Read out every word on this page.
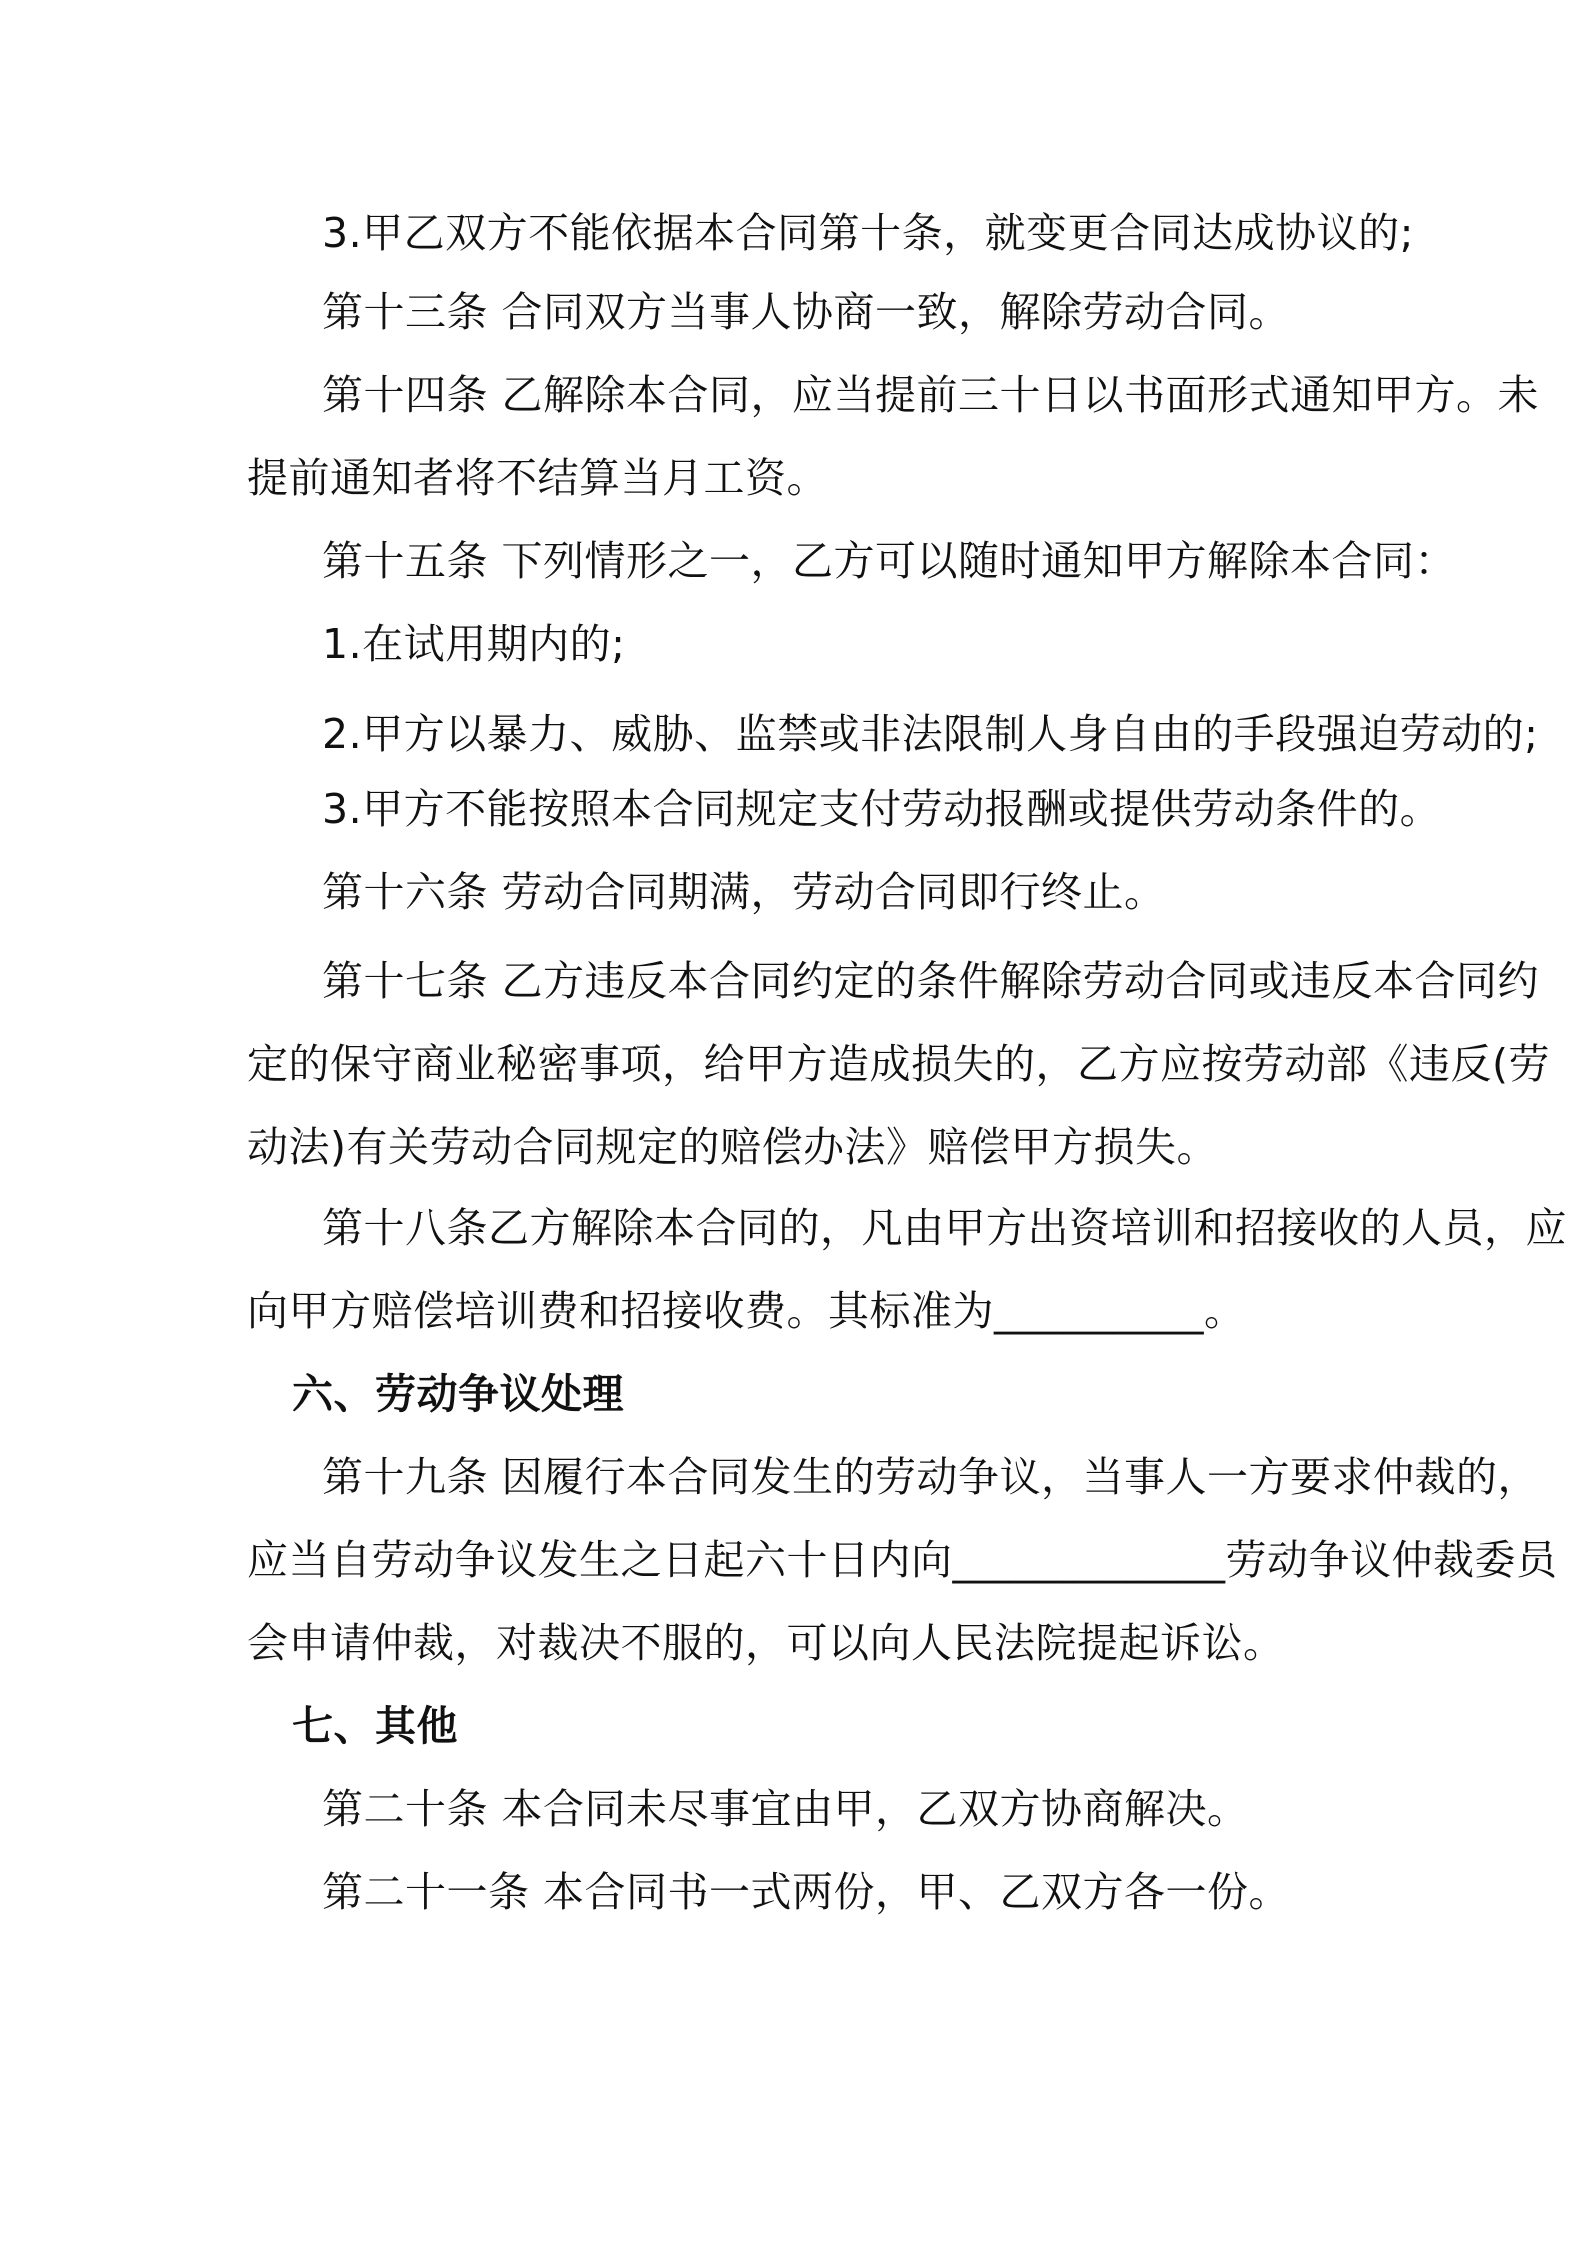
3.甲乙双方不能依据本合同第十条，就变更合同达成协议的;
第十三条 合同双方当事人协商一致，解除劳动合同。
第十四条 乙解除本合同，应当提前三十日以书面形式通知甲方。未
提前通知者将不结算当月工资。
第十五条 下列情形之一，乙方可以随时通知甲方解除本合同：
1.在试用期内的;
2.甲方以暴力、威胁、监禁或非法限制人身自由的手段强迫劳动的;
3.甲方不能按照本合同规定支付劳动报酬或提供劳动条件的。
第十六条 劳动合同期满，劳动合同即行终止。
第十七条 乙方违反本合同约定的条件解除劳动合同或违反本合同约
定的保守商业秘密事项，给甲方造成损失的，乙方应按劳动部《违反(劳
动法)有关劳动合同规定的赔偿办法》赔偿甲方损失。
第十八条乙方解除本合同的，凡由甲方出资培训和招接收的人员，应
向甲方赔偿培训费和招接收费。其标准为__________。
六、劳动争议处理
第十九条 因履行本合同发生的劳动争议，当事人一方要求仲裁的，
应当自劳动争议发生之日起六十日内向_____________劳动争议仲裁委员
会申请仲裁，对裁决不服的，可以向人民法院提起诉讼。
七、其他
第二十条 本合同未尽事宜由甲，乙双方协商解决。
第二十一条 本合同书一式两份，甲、乙双方各一份。
